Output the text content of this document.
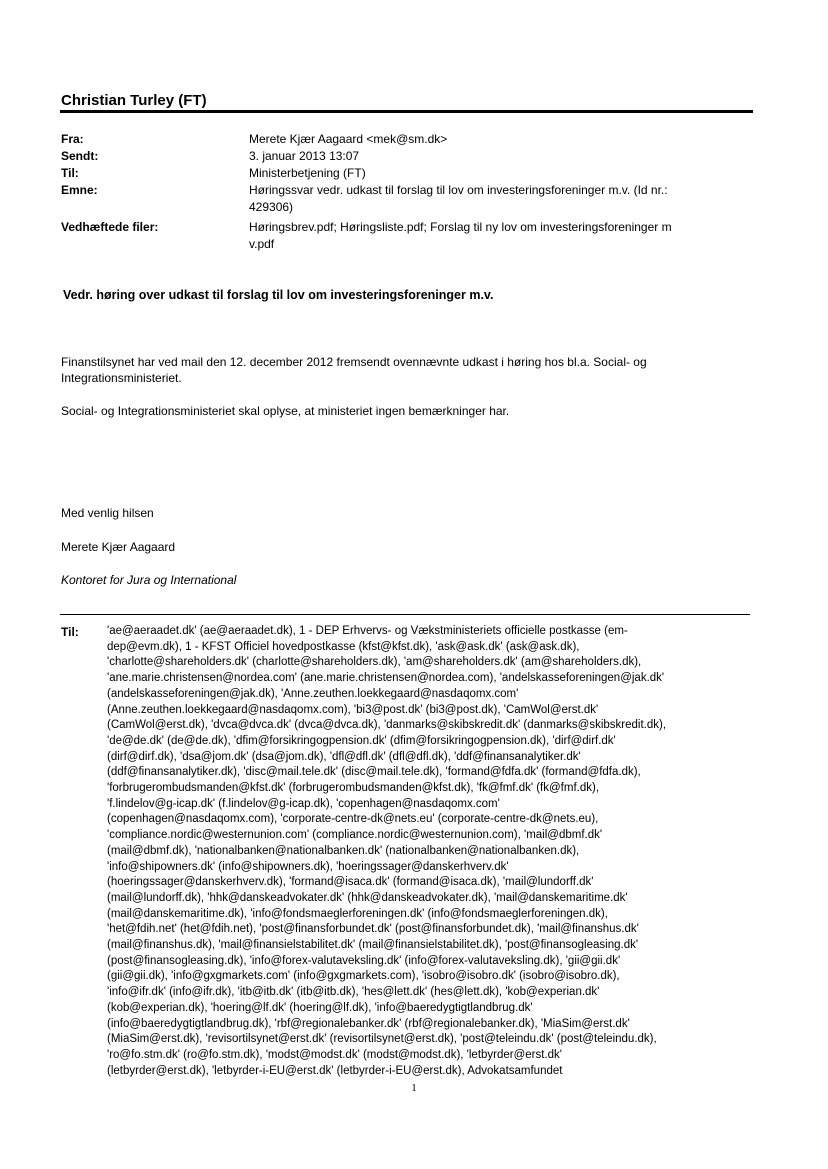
Christian Turley (FT)
Fra:	Merete Kjær Aagaard <mek@sm.dk>
Sendt:	3. januar 2013 13:07
Til:	Ministerbetjening (FT)
Emne:	Høringssvar vedr. udkast til forslag til lov om investeringsforeninger m.v. (Id nr.:
429306)
Vedhæftede filer:	Høringsbrev.pdf; Høringsliste.pdf; Forslag til ny lov om investeringsforeninger m
v.pdf
Vedr. høring over udkast til forslag til lov om investeringsforeninger m.v.
Finanstilsynet har ved mail den 12. december 2012 fremsendt ovennævnte udkast i høring hos bl.a. Social- og
Integrationsministeriet.
Social- og Integrationsministeriet skal oplyse, at ministeriet ingen bemærkninger har.
Med venlig hilsen
Merete Kjær Aagaard
Kontoret for Jura og International
Til: 'ae@aeraadet.dk' (ae@aeraadet.dk), 1 - DEP Erhvervs- og Vækstministeriets officielle postkasse (em-
dep@evm.dk), 1 - KFST Officiel hovedpostkasse (kfst@kfst.dk), 'ask@ask.dk' (ask@ask.dk),
'charlotte@shareholders.dk' (charlotte@shareholders.dk), 'am@shareholders.dk' (am@shareholders.dk),
'ane.marie.christensen@nordea.com' (ane.marie.christensen@nordea.com), 'andelskasseforeningen@jak.dk'
(andelskasseforeningen@jak.dk), 'Anne.zeuthen.loekkegaard@nasdaqomx.com'
(Anne.zeuthen.loekkegaard@nasdaqomx.com), 'bi3@post.dk' (bi3@post.dk), 'CamWol@erst.dk'
(CamWol@erst.dk), 'dvca@dvca.dk' (dvca@dvca.dk), 'danmarks@skibskredit.dk' (danmarks@skibskredit.dk),
'de@de.dk' (de@de.dk), 'dfim@forsikringogpension.dk' (dfim@forsikringogpension.dk), 'dirf@dirf.dk'
(dirf@dirf.dk), 'dsa@jom.dk' (dsa@jom.dk), 'dfl@dfl.dk' (dfl@dfl.dk), 'ddf@finansanalytiker.dk'
(ddf@finansanalytiker.dk), 'disc@mail.tele.dk' (disc@mail.tele.dk), 'formand@fdfa.dk' (formand@fdfa.dk),
'forbrugerombudsmanden@kfst.dk' (forbrugerombudsmanden@kfst.dk), 'fk@fmf.dk' (fk@fmf.dk),
'f.lindelov@g-icap.dk' (f.lindelov@g-icap.dk), 'copenhagen@nasdaqomx.com'
(copenhagen@nasdaqomx.com), 'corporate-centre-dk@nets.eu' (corporate-centre-dk@nets.eu),
'compliance.nordic@westernunion.com' (compliance.nordic@westernunion.com), 'mail@dbmf.dk'
(mail@dbmf.dk), 'nationalbanken@nationalbanken.dk' (nationalbanken@nationalbanken.dk),
'info@shipowners.dk' (info@shipowners.dk), 'hoeringssager@danskerhverv.dk'
(hoeringssager@danskerhverv.dk), 'formand@isaca.dk' (formand@isaca.dk), 'mail@lundorff.dk'
(mail@lundorff.dk), 'hhk@danskeadvokater.dk' (hhk@danskeadvokater.dk), 'mail@danskemaritime.dk'
(mail@danskemaritime.dk), 'info@fondsmaeglerforeningen.dk' (info@fondsmaeglerforeningen.dk),
'het@fdih.net' (het@fdih.net), 'post@finansforbundet.dk' (post@finansforbundet.dk), 'mail@finanshus.dk'
(mail@finanshus.dk), 'mail@finansielstabilitet.dk' (mail@finansielstabilitet.dk), 'post@finansogleasing.dk'
(post@finansogleasing.dk), 'info@forex-valutaveksling.dk' (info@forex-valutaveksling.dk), 'gii@gii.dk'
(gii@gii.dk), 'info@gxgmarkets.com' (info@gxgmarkets.com), 'isobro@isobro.dk' (isobro@isobro.dk),
'info@ifr.dk' (info@ifr.dk), 'itb@itb.dk' (itb@itb.dk), 'hes@lett.dk' (hes@lett.dk), 'kob@experian.dk'
(kob@experian.dk), 'hoering@lf.dk' (hoering@lf.dk), 'info@baeredygtigtlandbrug.dk'
(info@baeredygtigtlandbrug.dk), 'rbf@regionalebanker.dk' (rbf@regionalebanker.dk), 'MiaSim@erst.dk'
(MiaSim@erst.dk), 'revisortilsynet@erst.dk' (revisortilsynet@erst.dk), 'post@teleindu.dk' (post@teleindu.dk),
'ro@fo.stm.dk' (ro@fo.stm.dk), 'modst@modst.dk' (modst@modst.dk), 'letbyrder@erst.dk'
(letbyrder@erst.dk), 'letbyrder-i-EU@erst.dk' (letbyrder-i-EU@erst.dk), Advokatsamfundet
1
